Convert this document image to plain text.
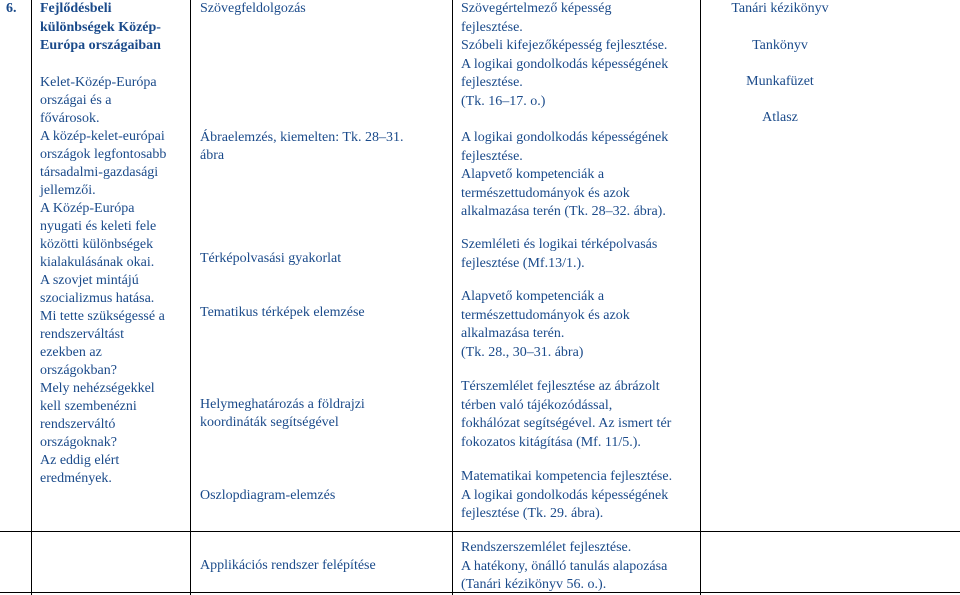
6. Fejlődésbeli
különbségek Közép-
Európa országaiban
Kelet-Közép-Európa
országai és a
fővárosok.
A közép-kelet-európai
országok legfontosabb
társadalmi-gazdasági
jellemzői.
A Közép-Európa
nyugati és keleti fele
közötti különbségek
kialakulásának okai.
A szovjet mintájú
szocializmus hatása.
Mi tette szükségessé a
rendszerváltást
ezekben az
országokban?
Mely nehézségekkel
kell szembenézni
rendszerváltó
országoknak?
Az eddig elért
eredmények.
Szövegfeldolgozás
Ábraelemzés, kiemelten: Tk. 28–31.
ábra
Térképolvasási gyakorlat
Tematikus térképek elemzése
Helymeghatározás a földrajzi
koordináták segítségével
Oszlopdiagram-elemzés
Applikációs rendszer felépítése
Szövegértelmező képesség
fejlesztése.
Szóbeli kifejezőképesség fejlesztése.
A logikai gondolkodás képességének
fejlesztése.
(Tk. 16–17. o.)
A logikai gondolkodás képességének
fejlesztése.
Alapvető kompetenciák a
természettudományok és azok
alkalmazása terén (Tk. 28–32. ábra).
Szemléleti és logikai térképolvasás
fejlesztése (Mf.13/1.).
Alapvető kompetenciák a
természettudományok és azok
alkalmazása terén.
(Tk. 28., 30–31. ábra)
Térszemlélet fejlesztése az ábrázolt
térben való tájékozódással,
fokhálózat segítségével. Az ismert tér
fokozatos kitágítása (Mf. 11/5.).
Matematikai kompetencia fejlesztése.
A logikai gondolkodás képességének
fejlesztése (Tk. 29. ábra).
Rendszerszemlélet fejlesztése.
A hatékony, önálló tanulás alapozása
(Tanári kézikönyv 56. o.).
Tanári kézikönyv
Tankönyv
Munkafüzet
Atlasz
